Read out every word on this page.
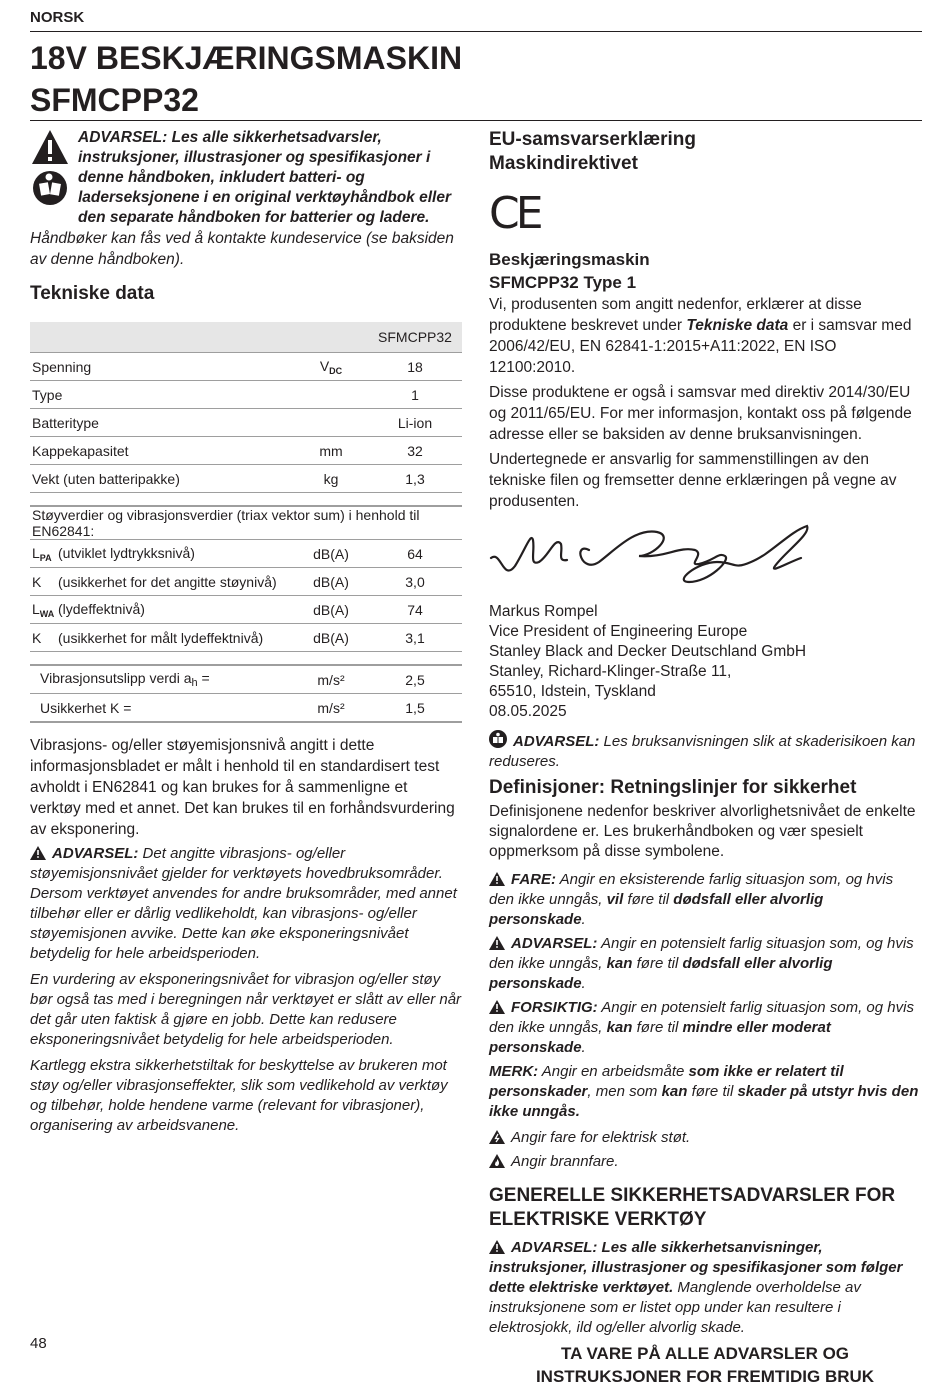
NORSK
18V BESKJÆRINGSMASKIN
SFMCPP32

ADVARSEL: Les alle sikkerhetsadvarsler, instruksjoner, illustrasjoner og spesifikasjoner i denne håndboken, inkludert batteri- og laderseksjonene i en original verktøyhåndbok eller den separate håndboken for batterier og ladere.

Håndbøker kan fås ved å kontakte kundeservice (se baksiden av denne håndboken).

Tekniske data
		SFMCPP32
Spenning	$V_{DC}$	18
Type		1
Batteritype		Li-ion
Kappekapasitet	mm	32
Vekt (uten batteripakke)	kg	1,3

Støyverdier og vibrasjonsverdier (triax vektor sum) i henhold til EN62841:		
$L_{PA}$ (utviklet lydtrykksnivå)	dB(A)	64
K (usikkerhet for det angitte støynivå)	dB(A)	3,0
$L_{WA}$ (lydeffektnivå)	dB(A)	74
K (usikkerhet for målt lydeffektnivå)	dB(A)	3,1

Vibrasjonsutslipp verdi $a_h$ =	m/s²	2,5
Usikkerhet K =	m/s²	1,5

Vibrasjons- og/eller støyemisjonsnivå angitt i dette informasjonsbladet er målt i henhold til en standardisert test avholdt i EN62841 og kan brukes for å sammenligne et verktøy med et annet. Det kan brukes til en forhåndsvurdering av eksponering.

ADVARSEL: Det angitte vibrasjons- og/eller støyemisjonsnivået gjelder for verktøyets hovedbruksområder. Dersom verktøyet anvendes for andre bruksområder, med annet tilbehør eller er dårlig vedlikeholdt, kan vibrasjons- og/eller støyemisjonen avvike. Dette kan øke eksponeringsnivået betydelig for hele arbeidsperioden.

En vurdering av eksponeringsnivået for vibrasjon og/eller støy bør også tas med i beregningen når verktøyet er slått av eller når det går uten faktisk å gjøre en jobb. Dette kan redusere eksponeringsnivået betydelig for hele arbeidsperioden.

Kartlegg ekstra sikkerhetstiltak for beskyttelse av brukeren mot støy og/eller vibrasjonseffekter, slik som vedlikehold av verktøy og tilbehør, holde hendene varme (relevant for vibrasjoner), organisering av arbeidsvanene.

EU-samsvarserklæring
Maskindirektivet
CE

Beskjæringsmaskin
SFMCPP32 Type 1

Vi, produsenten som angitt nedenfor, erklærer at disse produktene beskrevet under Tekniske data er i samsvar med 2006/42/EU, EN 62841-1:2015+A11:2022, EN ISO 12100:2010.

Disse produktene er også i samsvar med direktiv 2014/30/EU og 2011/65/EU. For mer informasjon, kontakt oss på følgende adresse eller se baksiden av denne bruksanvisningen.

Undertegnede er ansvarlig for sammenstillingen av den tekniske filen og fremsetter denne erklæringen på vegne av produsenten.

Markus Rompel
Vice President of Engineering Europe
Stanley Black and Decker Deutschland GmbH
Stanley, Richard-Klinger-Straße 11,
65510, Idstein, Tyskland
08.05.2025

ADVARSEL: Les bruksanvisningen slik at skaderisikoen kan reduseres.

Definisjoner: Retningslinjer for sikkerhet

Definisjonene nedenfor beskriver alvorlighetsnivået de enkelte signalordene er. Les brukerhåndboken og vær spesielt oppmerksom på disse symbolene.

FARE: Angir en eksisterende farlig situasjon som, og hvis den ikke unngås, vil føre til dødsfall eller alvorlig personskade.

ADVARSEL: Angir en potensielt farlig situasjon som, og hvis den ikke unngås, kan føre til dødsfall eller alvorlig personskade.

FORSIKTIG: Angir en potensielt farlig situasjon som, og hvis den ikke unngås, kan føre til mindre eller moderat personskade.

MERK: Angir en arbeidsmåte som ikke er relatert til personskader, men som kan føre til skader på utstyr hvis den ikke unngås.

Angir fare for elektrisk støt.

Angir brannfare.

GENERELLE SIKKERHETSADVARSLER FOR
ELEKTRISKE VERKTØY

ADVARSEL: Les alle sikkerhetsanvisninger, instruksjoner, illustrasjoner og spesifikasjoner som følger dette elektriske verktøyet. Manglende overholdelse av instruksjonene som er listet opp under kan resultere i elektrosjokk, ild og/eller alvorlig skade.

TA VARE PÅ ALLE ADVARSLER OG
INSTRUKSJONER FOR FREMTIDIG BRUK

48
